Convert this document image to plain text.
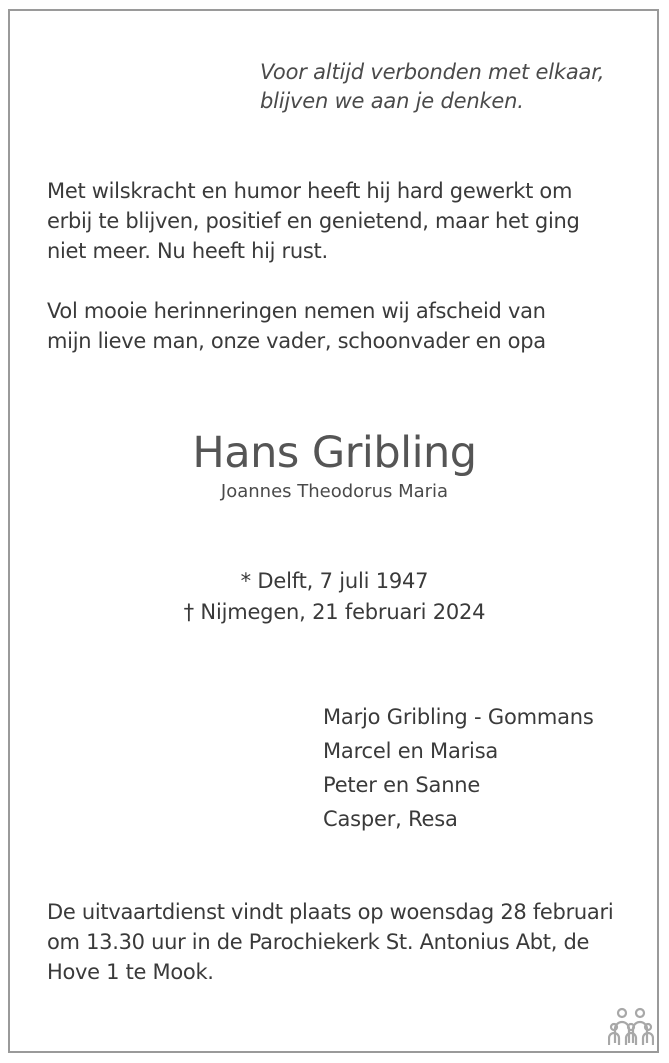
Voor altijd verbonden met elkaar,
blijven we aan je denken.
Met wilskracht en humor heeft hij hard gewerkt om
erbij te blijven, positief en genietend, maar het ging
niet meer. Nu heeft hij rust.
Vol mooie herinneringen nemen wij afscheid van
mijn lieve man, onze vader, schoonvader en opa
Hans Gribling
Joannes Theodorus Maria
* Delft, 7 juli 1947
† Nijmegen, 21 februari 2024
Marjo Gribling - Gommans
Marcel en Marisa
Peter en Sanne
Casper, Resa
De uitvaartdienst vindt plaats op woensdag 28 februari
om 13.30 uur in de Parochiekerk St. Antonius Abt, de
Hove 1 te Mook.
